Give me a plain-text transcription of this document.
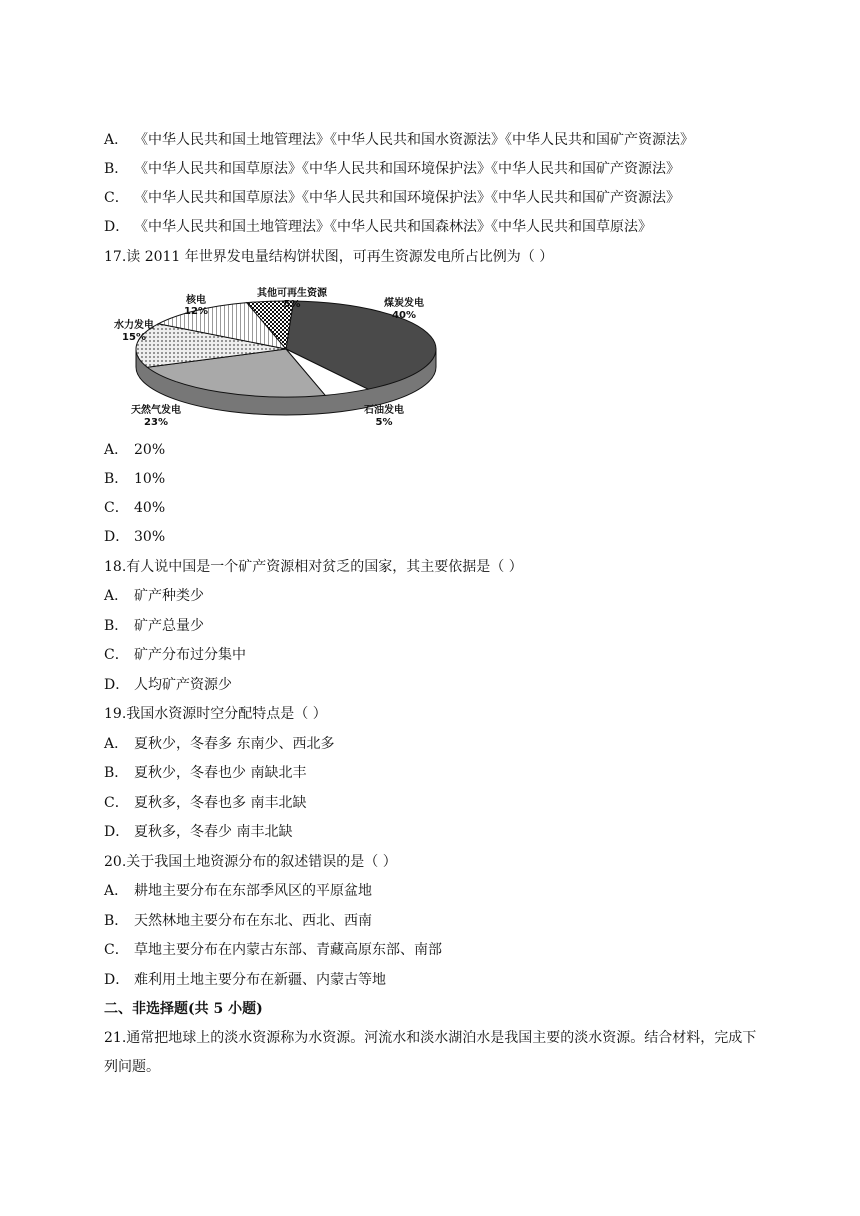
A． 《中华人民共和国土地管理法》《中华人民共和国水资源法》《中华人民共和国矿产资源法》
B． 《中华人民共和国草原法》《中华人民共和国环境保护法》《中华人民共和国矿产资源法》
C． 《中华人民共和国草原法》《中华人民共和国环境保护法》《中华人民共和国矿产资源法》
D． 《中华人民共和国土地管理法》《中华人民共和国森林法》《中华人民共和国草原法》
17.读 2011 年世界发电量结构饼状图，可再生资源发电所占比例为（ ）
煤炭发电
40%
石油发电
5%
天然气发电
23%
水力发电
15%
核电
12%
其他可再生资源
5%
A． 20%
B． 10%
C． 40%
D． 30%
18.有人说中国是一个矿产资源相对贫乏的国家，其主要依据是（ ）
A． 矿产种类少
B． 矿产总量少
C． 矿产分布过分集中
D． 人均矿产资源少
19.我国水资源时空分配特点是（ ）
A． 夏秋少，冬春多 东南少、西北多
B． 夏秋少，冬春也少 南缺北丰
C． 夏秋多，冬春也多 南丰北缺
D． 夏秋多，冬春少 南丰北缺
20.关于我国土地资源分布的叙述错误的是（ ）
A． 耕地主要分布在东部季风区的平原盆地
B． 天然林地主要分布在东北、西北、西南
C． 草地主要分布在内蒙古东部、青藏高原东部、南部
D． 难利用土地主要分布在新疆、内蒙古等地
二、非选择题(共 5 小题)
21.通常把地球上的淡水资源称为水资源。河流水和淡水湖泊水是我国主要的淡水资源。结合材料，完成下列问题。
